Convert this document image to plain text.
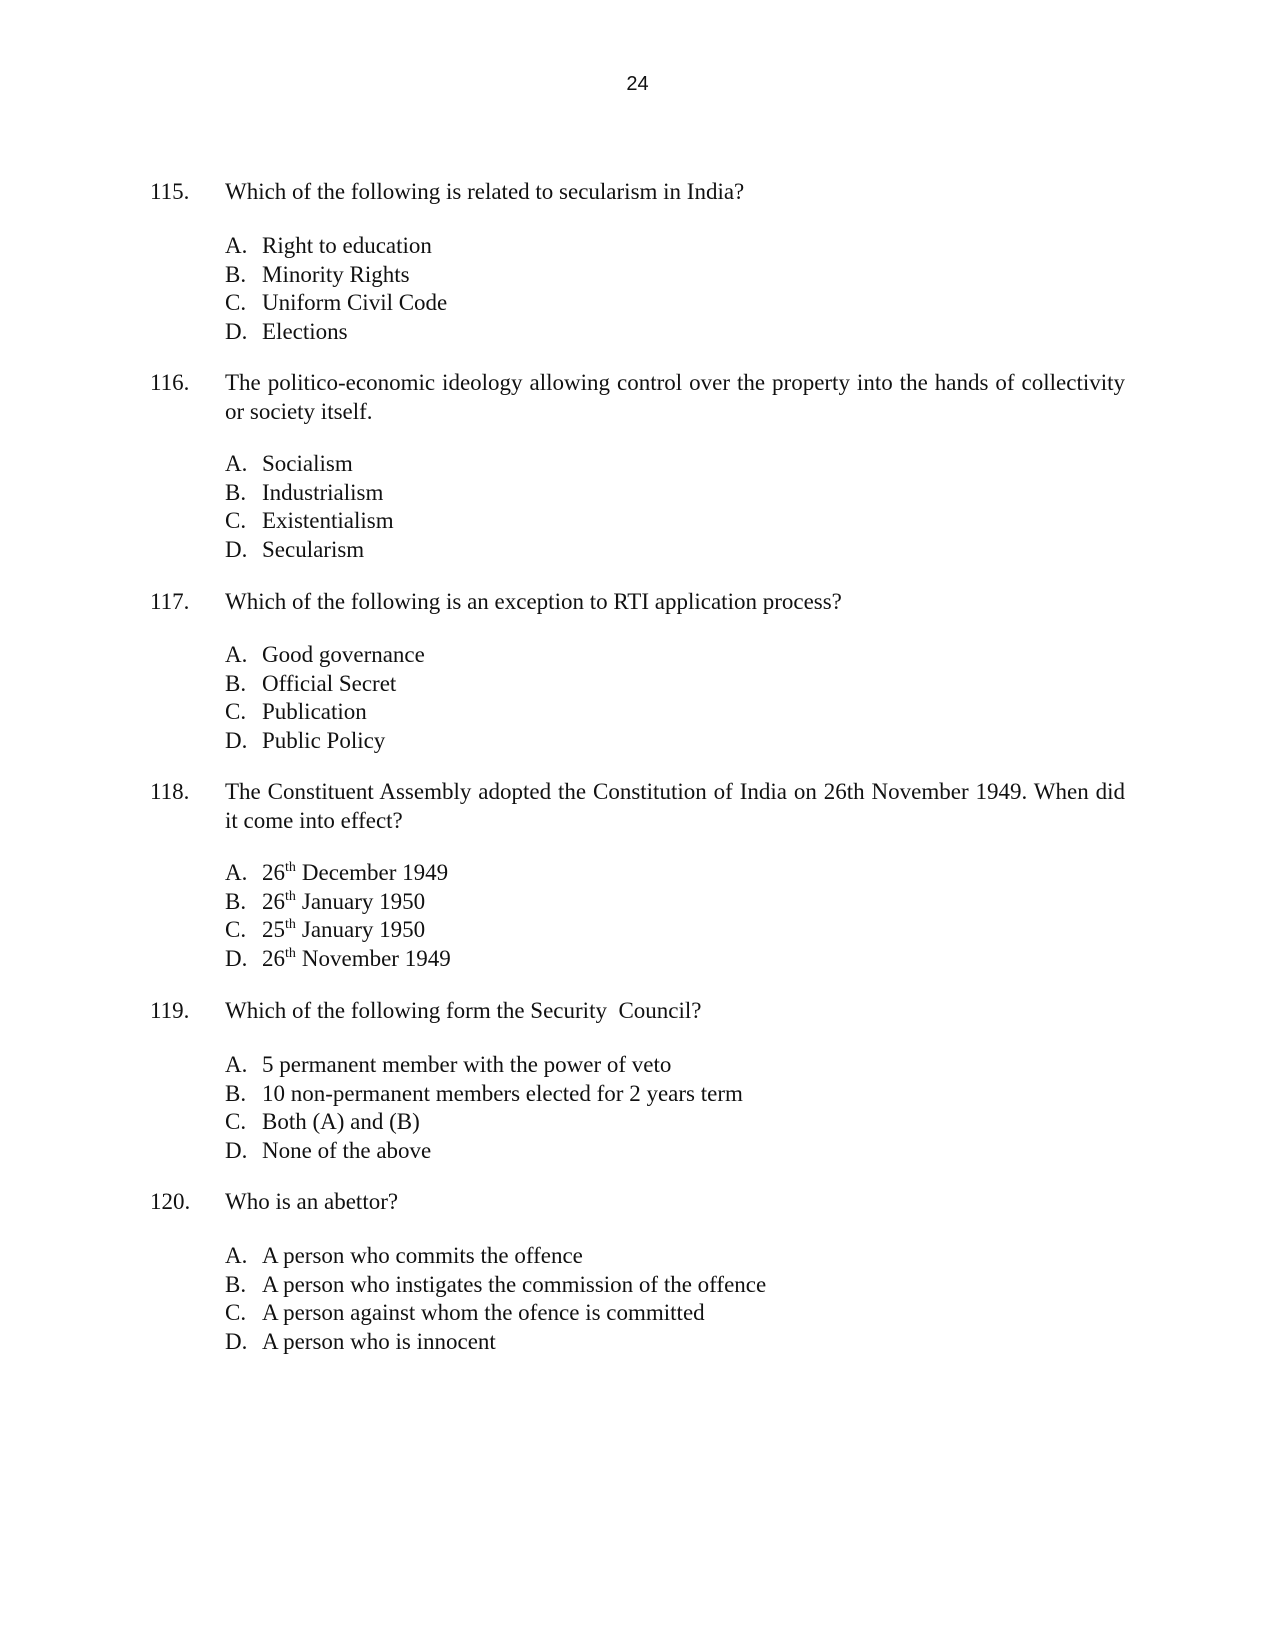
24
115. Which of the following is related to secularism in India?
A. Right to education
B. Minority Rights
C. Uniform Civil Code
D. Elections
116. The politico-economic ideology allowing control over the property into the hands of collectivity or society itself.
A. Socialism
B. Industrialism
C. Existentialism
D. Secularism
117. Which of the following is an exception to RTI application process?
A. Good governance
B. Official Secret
C. Publication
D. Public Policy
118. The Constituent Assembly adopted the Constitution of India on 26th November 1949. When did it come into effect?
A. 26th December 1949
B. 26th January 1950
C. 25th January 1950
D. 26th November 1949
119. Which of the following form the Security  Council?
A. 5 permanent member with the power of veto
B. 10 non-permanent members elected for 2 years term
C. Both (A) and (B)
D. None of the above
120. Who is an abettor?
A. A person who commits the offence
B. A person who instigates the commission of the offence
C. A person against whom the ofence is committed
D. A person who is innocent
